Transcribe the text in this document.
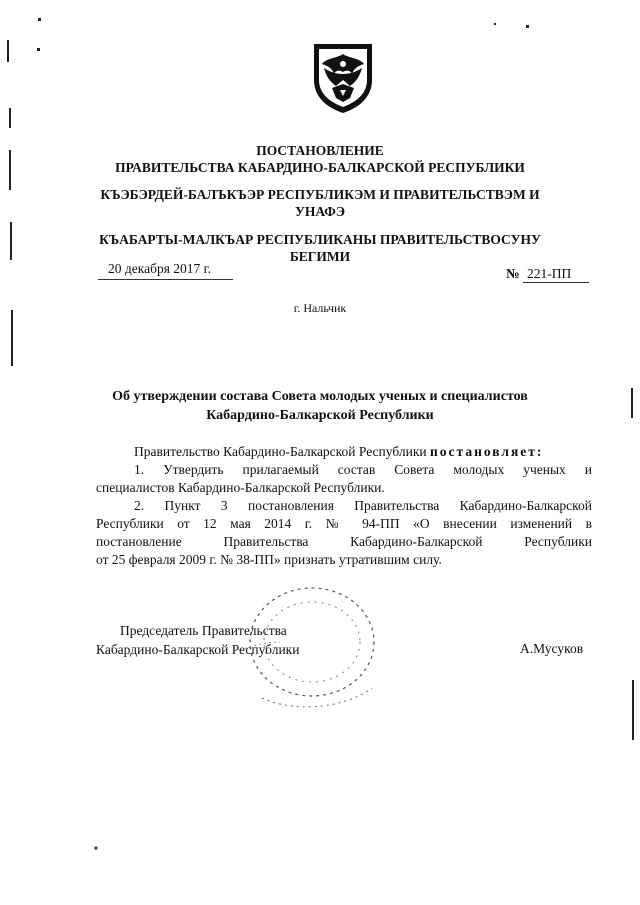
ПОСТАНОВЛЕНИЕ
ПРАВИТЕЛЬСТВА КАБАРДИНО-БАЛКАРСКОЙ РЕСПУБЛИКИ
КЪЭБЭРДЕЙ-БАЛЪКЪЭР РЕСПУБЛИКЭМ И ПРАВИТЕЛЬСТВЭМ И
УНАФЭ
КЪАБАРТЫ-МАЛКЪАР РЕСПУБЛИКАНЫ ПРАВИТЕЛЬСТВОСУНУ
БЕГИМИ
20 декабря 2017 г.	№ 221-ПП
г. Нальчик
Об утверждении состава Совета молодых ученых и специалистов
Кабардино-Балкарской Республики
Правительство Кабардино-Балкарской Республики постановляет:
1. Утвердить прилагаемый состав Совета молодых ученых и
специалистов Кабардино-Балкарской Республики.
2. Пункт 3 постановления Правительства Кабардино-Балкарской
Республики от 12 мая 2014 г. № 94-ПП «О внесении изменений в
постановление Правительства Кабардино-Балкарской Республики
от 25 февраля 2009 г. № 38-ПП» признать утратившим силу.
Председатель Правительства
Кабардино-Балкарской Республики	А.Мусуков
■
